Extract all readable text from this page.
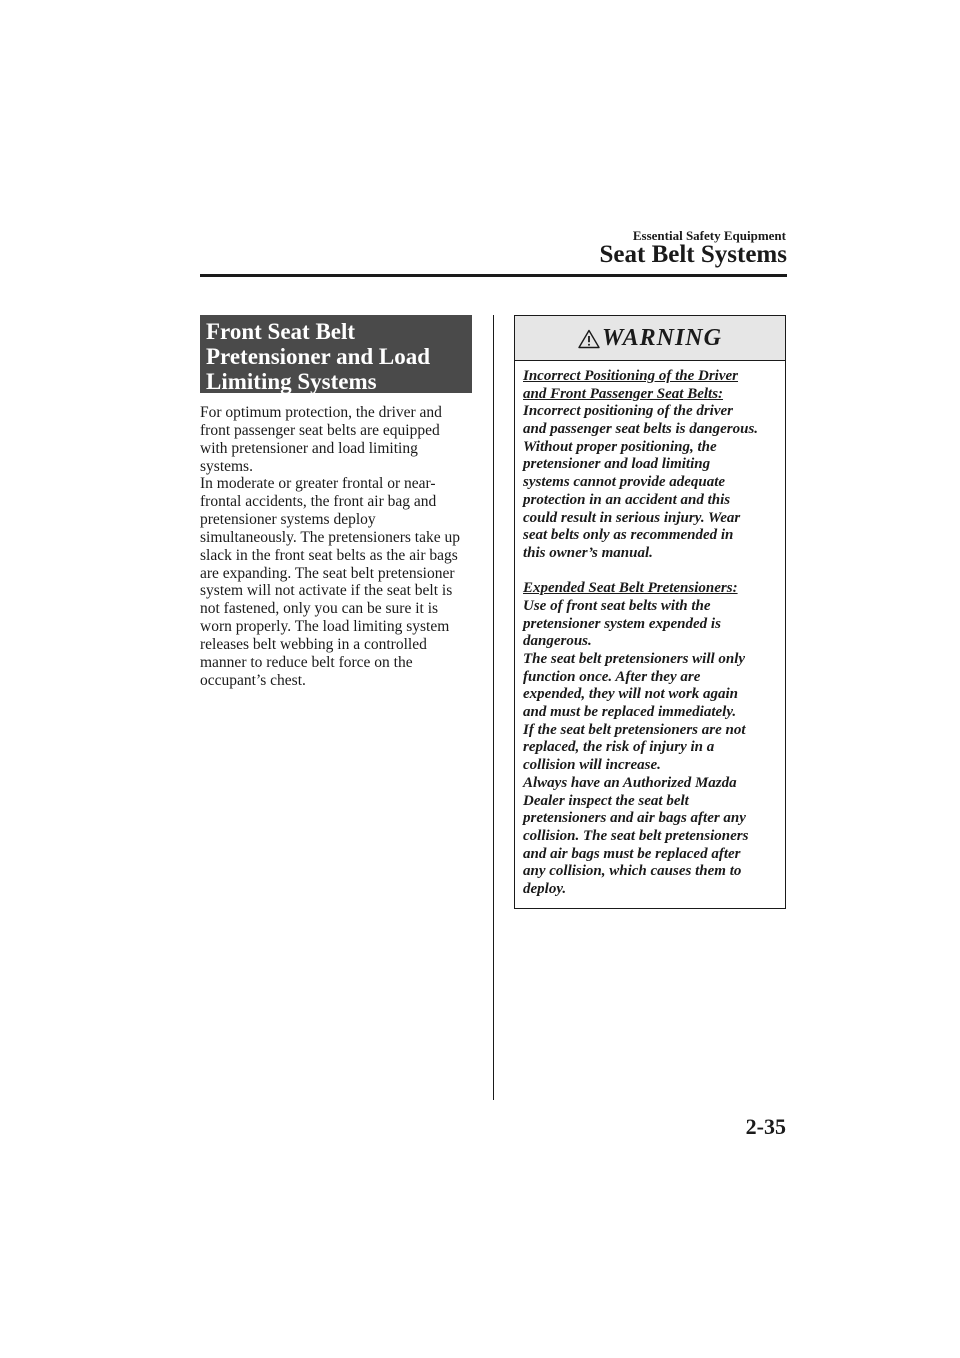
Essential Safety Equipment
Seat Belt Systems
Front Seat Belt
Pretensioner and Load
Limiting Systems
For optimum protection, the driver and
front passenger seat belts are equipped
with pretensioner and load limiting
systems.
In moderate or greater frontal or near-
frontal accidents, the front air bag and
pretensioner systems deploy
simultaneously. The pretensioners take up
slack in the front seat belts as the air bags
are expanding. The seat belt pretensioner
system will not activate if the seat belt is
not fastened, only you can be sure it is
worn properly. The load limiting system
releases belt webbing in a controlled
manner to reduce belt force on the
occupant’s chest.
WARNING
Incorrect Positioning of the Driver
and Front Passenger Seat Belts:
Incorrect positioning of the driver
and passenger seat belts is dangerous.
Without proper positioning, the
pretensioner and load limiting
systems cannot provide adequate
protection in an accident and this
could result in serious injury. Wear
seat belts only as recommended in
this owner’s manual.
Expended Seat Belt Pretensioners:
Use of front seat belts with the
pretensioner system expended is
dangerous.
The seat belt pretensioners will only
function once. After they are
expended, they will not work again
and must be replaced immediately.
If the seat belt pretensioners are not
replaced, the risk of injury in a
collision will increase.
Always have an Authorized Mazda
Dealer inspect the seat belt
pretensioners and air bags after any
collision. The seat belt pretensioners
and air bags must be replaced after
any collision, which causes them to
deploy.
2-35
